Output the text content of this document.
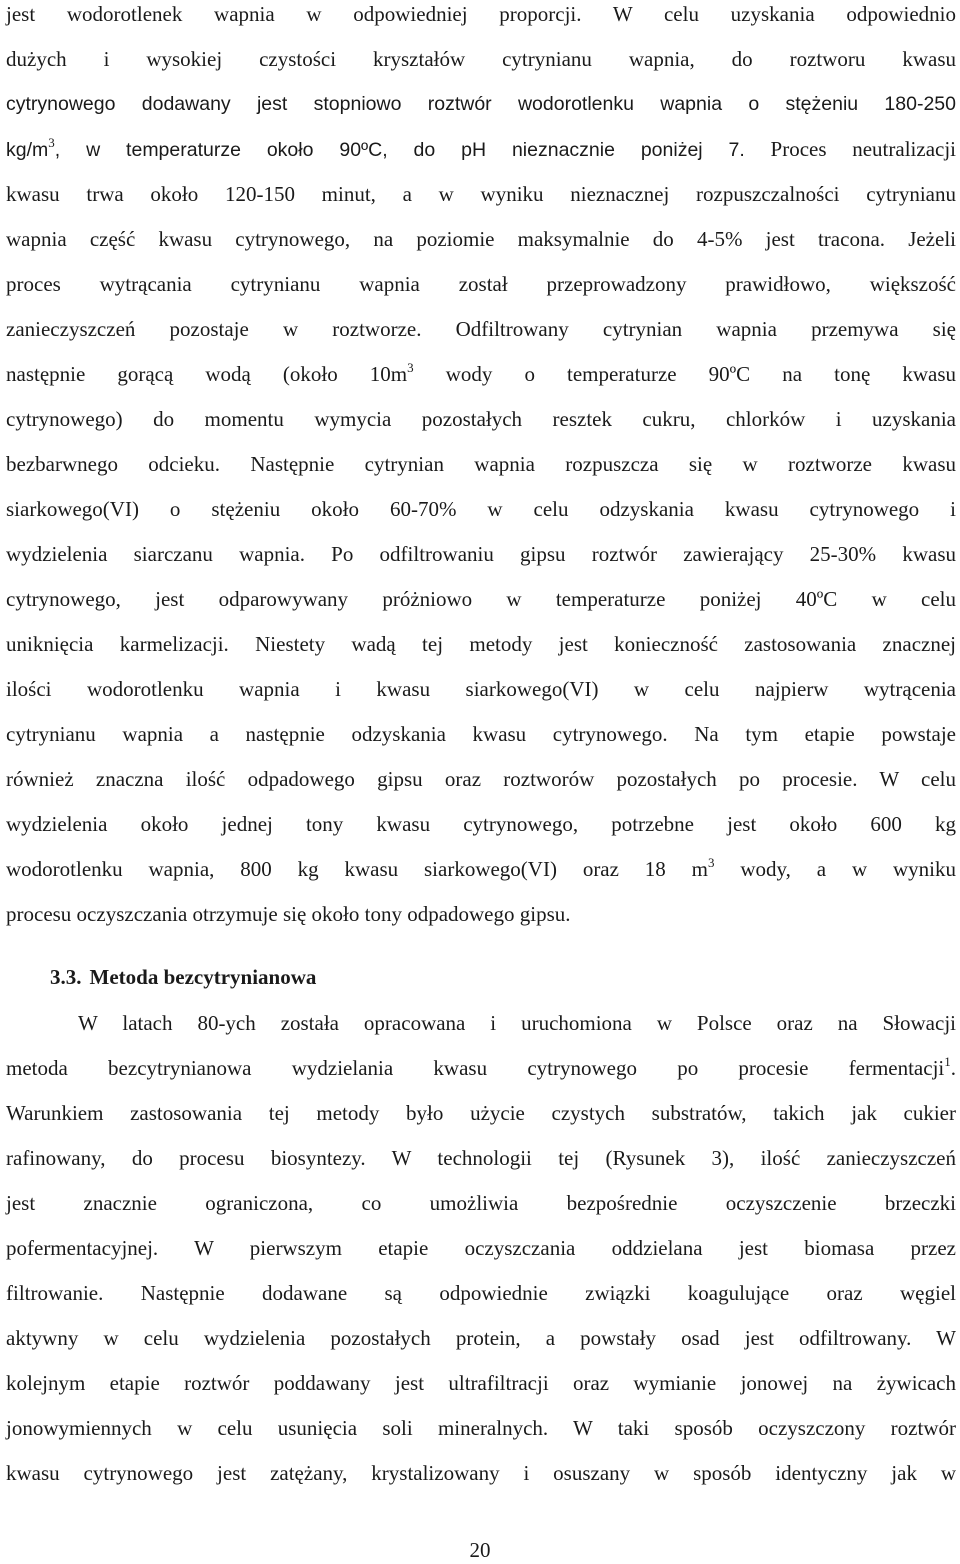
jest wodorotlenek wapnia w odpowiedniej proporcji. W celu uzyskania odpowiednio
dużych i wysokiej czystości kryształów cytrynianu wapnia, do roztworu kwasu
cytrynowego dodawany jest stopniowo roztwór wodorotlenku wapnia o stężeniu 180-250
$kg/m^3$, w temperaturze około 90ºC, do pH nieznacznie poniżej 7. Proces neutralizacji
kwasu trwa około 120-150 minut, a w wyniku nieznacznej rozpuszczalności cytrynianu
wapnia część kwasu cytrynowego, na poziomie maksymalnie do 4-5% jest tracona. Jeżeli
proces wytrącania cytrynianu wapnia został przeprowadzony prawidłowo, większość
zanieczyszczeń pozostaje w roztworze. Odfiltrowany cytrynian wapnia przemywa się
następnie gorącą wodą (około $10m^3$ wody o temperaturze 90ºC na tonę kwasu
cytrynowego) do momentu wymycia pozostałych resztek cukru, chlorków i uzyskania
bezbarwnego odcieku. Następnie cytrynian wapnia rozpuszcza się w roztworze kwasu
siarkowego(VI) o stężeniu około 60-70% w celu odzyskania kwasu cytrynowego i
wydzielenia siarczanu wapnia. Po odfiltrowaniu gipsu roztwór zawierający 25-30% kwasu
cytrynowego, jest odparowywany próżniowo w temperaturze poniżej 40ºC w celu
uniknięcia karmelizacji. Niestety wadą tej metody jest konieczność zastosowania znacznej
ilości wodorotlenku wapnia i kwasu siarkowego(VI) w celu najpierw wytrącenia
cytrynianu wapnia a następnie odzyskania kwasu cytrynowego. Na tym etapie powstaje
również znaczna ilość odpadowego gipsu oraz roztworów pozostałych po procesie. W celu
wydzielenia około jednej tony kwasu cytrynowego, potrzebne jest około 600 kg
wodorotlenku wapnia, 800 kg kwasu siarkowego(VI) oraz 18 $m^3$ wody, a w wyniku
procesu oczyszczania otrzymuje się około tony odpadowego gipsu.
3.3. Metoda bezcytrynianowa
W latach 80-ych została opracowana i uruchomiona w Polsce oraz na Słowacji
metoda bezcytrynianowa wydzielania kwasu cytrynowego po procesie fermentacji$^1$.
Warunkiem zastosowania tej metody było użycie czystych substratów, takich jak cukier
rafinowany, do procesu biosyntezy. W technologii tej (Rysunek 3), ilość zanieczyszczeń
jest znacznie ograniczona, co umożliwia bezpośrednie oczyszczenie brzeczki
pofermentacyjnej. W pierwszym etapie oczyszczania oddzielana jest biomasa przez
filtrowanie. Następnie dodawane są odpowiednie związki koagulujące oraz węgiel
aktywny w celu wydzielenia pozostałych protein, a powstały osad jest odfiltrowany. W
kolejnym etapie roztwór poddawany jest ultrafiltracji oraz wymianie jonowej na żywicach
jonowymiennych w celu usunięcia soli mineralnych. W taki sposób oczyszczony roztwór
kwasu cytrynowego jest zatężany, krystalizowany i osuszany w sposób identyczny jak w
20
